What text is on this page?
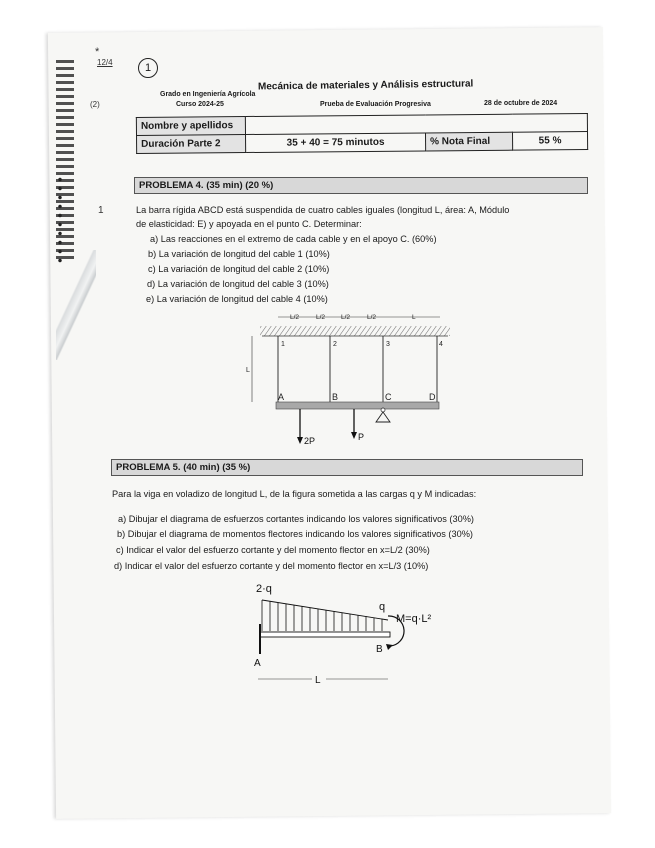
*
12/4
(2)
1
1
Mecánica de materiales y Análisis estructural
Grado en Ingeniería Agrícola
Curso 2024-25	Prueba de Evaluación Progresiva	28 de octubre de 2024
Nombre y apellidos			
Duración Parte 2	35 + 40 = 75 minutos	% Nota Final	55 %
PROBLEMA 4. (35 min) (20 %)
La barra rígida ABCD está suspendida de cuatro cables iguales (longitud L, área: A, Módulo
de elasticidad: E) y apoyada en el punto C. Determinar:
a) Las reacciones en el extremo de cada cable y en el apoyo C. (60%)
b) La variación de longitud del cable 1 (10%)
c) La variación de longitud del cable 2 (10%)
d) La variación de longitud del cable 3 (10%)
e) La variación de longitud del cable 4 (10%)
L/2	L/2 L/2	L/2	L
1	2	3	4
L
A	B	C	D
2P	P
PROBLEMA 5. (40 min) (35 %)
Para la viga en voladizo de longitud L, de la figura sometida a las cargas q y M indicadas:
a) Dibujar el diagrama de esfuerzos cortantes indicando los valores significativos (30%)
b) Dibujar el diagrama de momentos flectores indicando los valores significativos (30%)
c) Indicar el valor del esfuerzo cortante y del momento flector en x=L/2 (30%)
d) Indicar el valor del esfuerzo cortante y del momento flector en x=L/3 (10%)
2·q
q
A
B
M=q·L²
L
